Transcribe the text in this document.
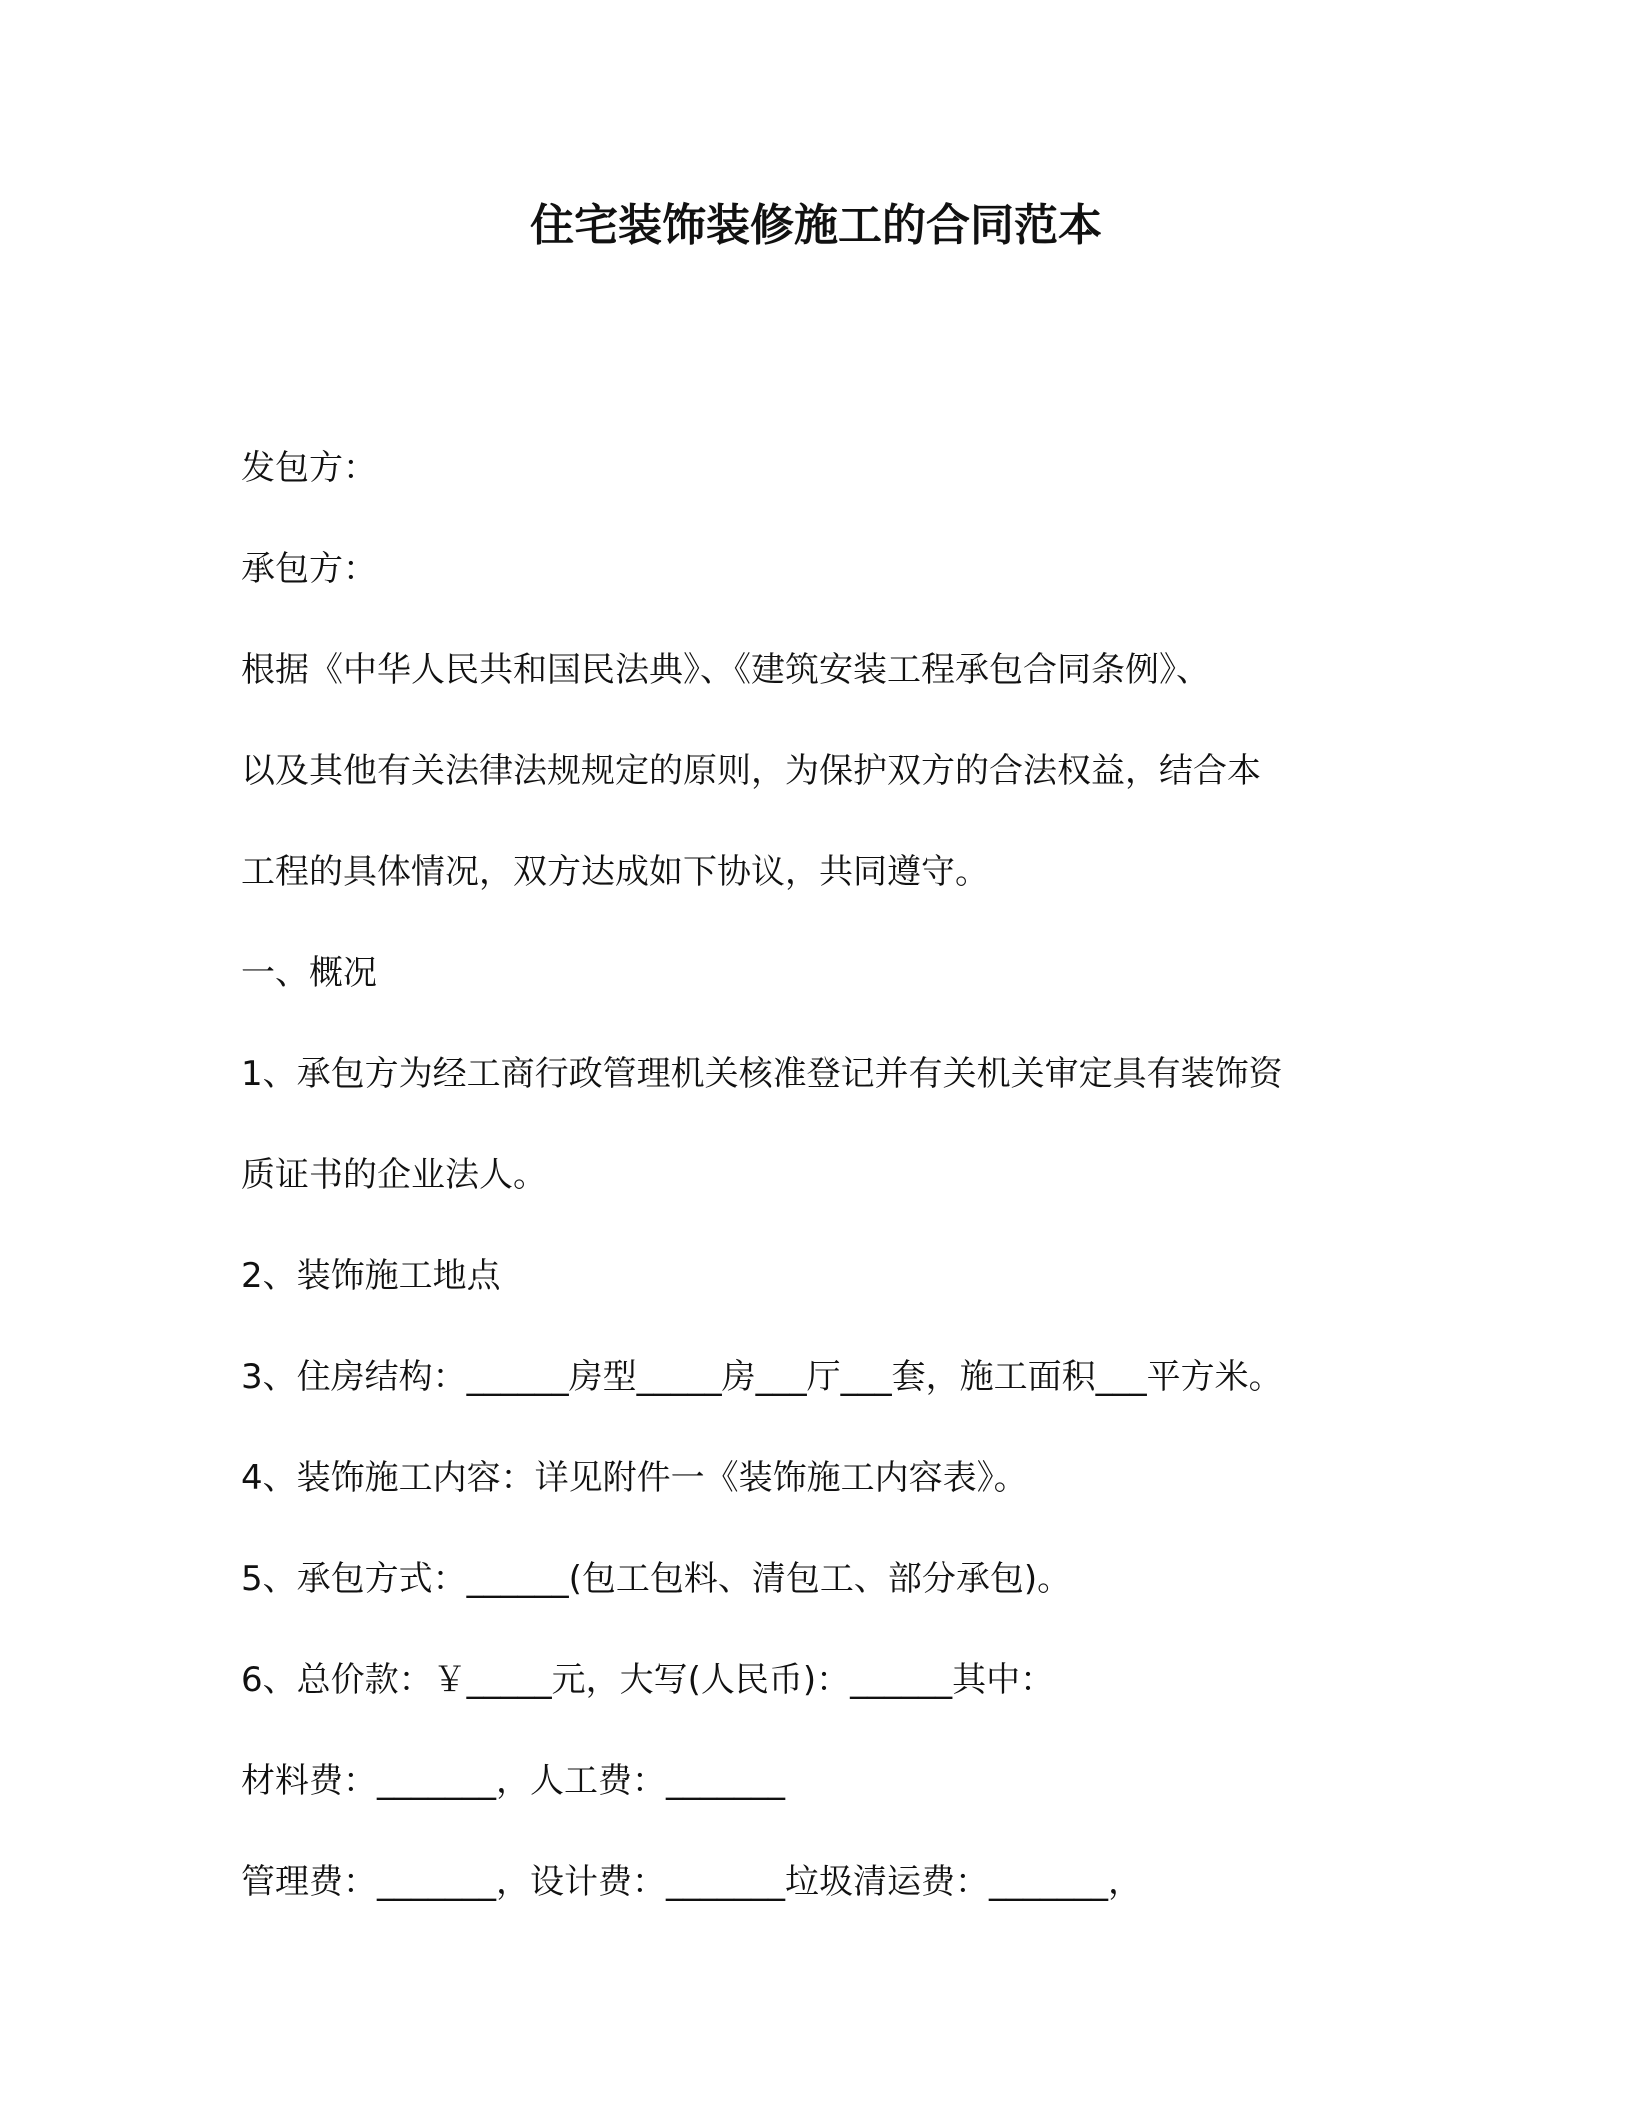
住宅装饰装修施工的合同范本

发包方：

承包方：

根据《中华人民共和国民法典》、《建筑安装工程承包合同条例》、

以及其他有关法律法规规定的原则，为保护双方的合法权益，结合本

工程的具体情况，双方达成如下协议，共同遵守。

一、概况

1、承包方为经工商行政管理机关核准登记并有关机关审定具有装饰资

质证书的企业法人。

2、装饰施工地点

3、住房结构：______房型_____房___厅___套，施工面积___平方米。

4、装饰施工内容：详见附件一《装饰施工内容表》。

5、承包方式：______(包工包料、清包工、部分承包)。

6、总价款：￥_____元，大写(人民币)：______其中：

材料费：_______，人工费：_______

管理费：_______，设计费：_______垃圾清运费：_______，
